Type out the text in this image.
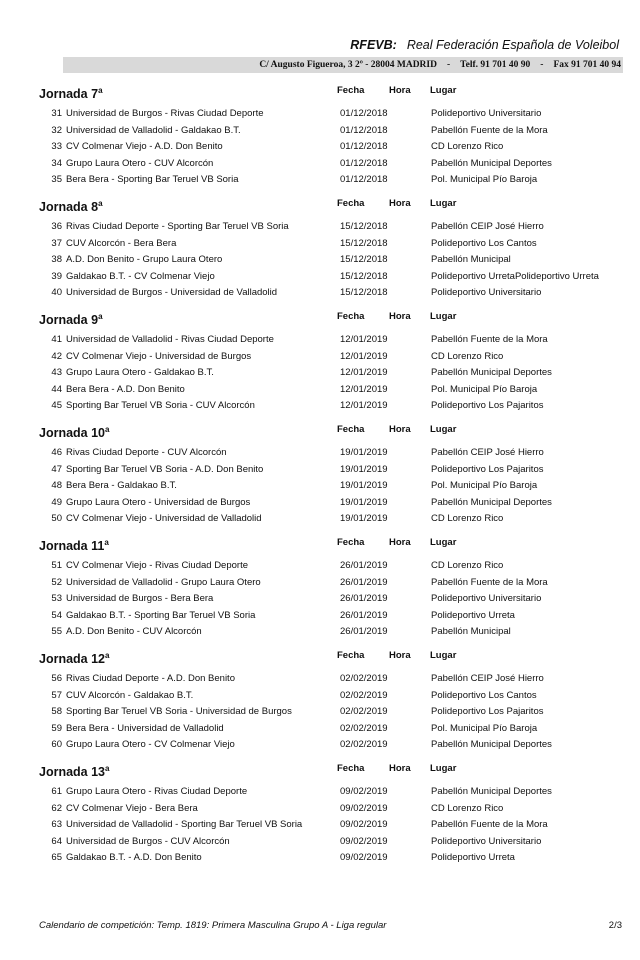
RFEVB: Real Federación Española de Voleibol
C/ Augusto Figueroa, 3 2º - 28004 MADRID - Telf. 91 701 40 90 - Fax 91 701 40 94
Jornada 7$^a$	Fecha	Hora Lugar
31 Universidad de Burgos - Rivas Ciudad Deporte	01/12/2018	Polideportivo Universitario
32 Universidad de Valladolid - Galdakao B.T.	01/12/2018	Pabellón Fuente de la Mora
33 CV Colmenar Viejo - A.D. Don Benito	01/12/2018	CD Lorenzo Rico
34 Grupo Laura Otero - CUV Alcorcón	01/12/2018	Pabellón Municipal Deportes
35 Bera Bera - Sporting Bar Teruel VB Soria	01/12/2018	Pol. Municipal Pío Baroja
Jornada 8$^a$	Fecha	Hora Lugar
36 Rivas Ciudad Deporte - Sporting Bar Teruel VB Soria	15/12/2018	Pabellón CEIP José Hierro
37 CUV Alcorcón - Bera Bera	15/12/2018	Polideportivo Los Cantos
38 A.D. Don Benito - Grupo Laura Otero	15/12/2018	Pabellón Municipal
39 Galdakao B.T. - CV Colmenar Viejo	15/12/2018	Polideportivo UrretaPolideportivo Urreta
40 Universidad de Burgos - Universidad de Valladolid	15/12/2018	Polideportivo Universitario
Jornada 9$^a$	Fecha	Hora Lugar
41 Universidad de Valladolid - Rivas Ciudad Deporte	12/01/2019	Pabellón Fuente de la Mora
42 CV Colmenar Viejo - Universidad de Burgos	12/01/2019	CD Lorenzo Rico
43 Grupo Laura Otero - Galdakao B.T.	12/01/2019	Pabellón Municipal Deportes
44 Bera Bera - A.D. Don Benito	12/01/2019	Pol. Municipal Pío Baroja
45 Sporting Bar Teruel VB Soria - CUV Alcorcón	12/01/2019	Polideportivo Los Pajaritos
Jornada 10$^a$	Fecha	Hora Lugar
46 Rivas Ciudad Deporte - CUV Alcorcón	19/01/2019	Pabellón CEIP José Hierro
47 Sporting Bar Teruel VB Soria - A.D. Don Benito	19/01/2019	Polideportivo Los Pajaritos
48 Bera Bera - Galdakao B.T.	19/01/2019	Pol. Municipal Pío Baroja
49 Grupo Laura Otero - Universidad de Burgos	19/01/2019	Pabellón Municipal Deportes
50 CV Colmenar Viejo - Universidad de Valladolid	19/01/2019	CD Lorenzo Rico
Jornada 11$^a$	Fecha	Hora Lugar
51 CV Colmenar Viejo - Rivas Ciudad Deporte	26/01/2019	CD Lorenzo Rico
52 Universidad de Valladolid - Grupo Laura Otero	26/01/2019	Pabellón Fuente de la Mora
53 Universidad de Burgos - Bera Bera	26/01/2019	Polideportivo Universitario
54 Galdakao B.T. - Sporting Bar Teruel VB Soria	26/01/2019	Polideportivo Urreta
55 A.D. Don Benito - CUV Alcorcón	26/01/2019	Pabellón Municipal
Jornada 12$^a$	Fecha	Hora Lugar
56 Rivas Ciudad Deporte - A.D. Don Benito	02/02/2019	Pabellón CEIP José Hierro
57 CUV Alcorcón - Galdakao B.T.	02/02/2019	Polideportivo Los Cantos
58 Sporting Bar Teruel VB Soria - Universidad de Burgos	02/02/2019	Polideportivo Los Pajaritos
59 Bera Bera - Universidad de Valladolid	02/02/2019	Pol. Municipal Pío Baroja
60 Grupo Laura Otero - CV Colmenar Viejo	02/02/2019	Pabellón Municipal Deportes
Jornada 13$^a$	Fecha	Hora Lugar
61 Grupo Laura Otero - Rivas Ciudad Deporte	09/02/2019	Pabellón Municipal Deportes
62 CV Colmenar Viejo - Bera Bera	09/02/2019	CD Lorenzo Rico
63 Universidad de Valladolid - Sporting Bar Teruel VB Soria	09/02/2019	Pabellón Fuente de la Mora
64 Universidad de Burgos - CUV Alcorcón	09/02/2019	Polideportivo Universitario
65 Galdakao B.T. - A.D. Don Benito	09/02/2019	Polideportivo Urreta
Calendario de competición: Temp. 1819: Primera Masculina Grupo A - Liga regular	2/3
